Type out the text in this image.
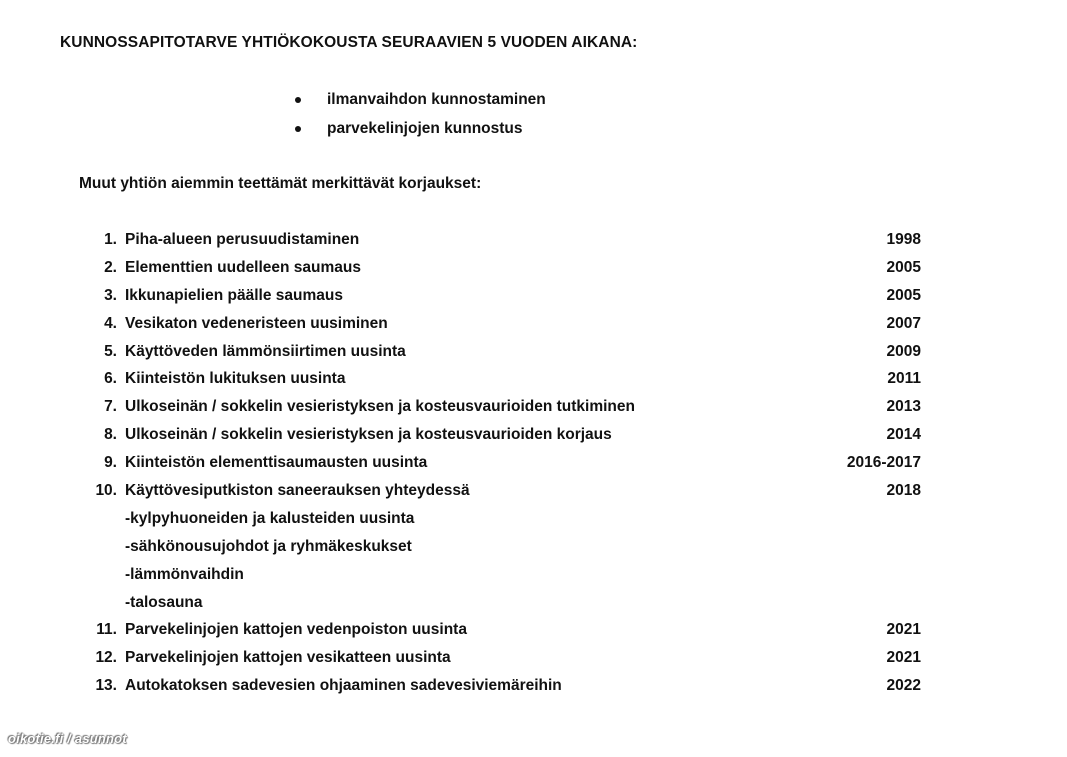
KUNNOSSAPITOTARVE YHTIÖKOKOUSTA SEURAAVIEN 5 VUODEN AIKANA:
ilmanvaihdon kunnostaminen
parvekelinjojen kunnostus
Muut yhtiön aiemmin teettämät merkittävät korjaukset:
1. Piha-alueen perusuudistaminen	1998
2. Elementtien uudelleen saumaus	2005
3. Ikkunapielien päälle saumaus	2005
4. Vesikaton vedeneristeen uusiminen	2007
5. Käyttöveden lämmönsiirtimen uusinta	2009
6. Kiinteistön lukituksen uusinta	2011
7. Ulkoseinän / sokkelin vesieristyksen ja kosteusvaurioiden tutkiminen	2013
8. Ulkoseinän / sokkelin vesieristyksen ja kosteusvaurioiden korjaus	2014
9. Kiinteistön elementtisaumausten uusinta	2016-2017
10. Käyttövesiputkiston saneerauksen yhteydessä	2018
-kylpyhuoneiden ja kalusteiden uusinta
-sähkönousujohdot ja ryhmäkeskukset
-lämmönvaihdin
-talosauna
11. Parvekelinjojen kattojen vedenpoiston uusinta	2021
12. Parvekelinjojen kattojen vesikatteen uusinta	2021
13. Autokatoksen sadevesien ohjaaminen sadevesiviemäreihin	2022
oikotie.fi / asunnot
